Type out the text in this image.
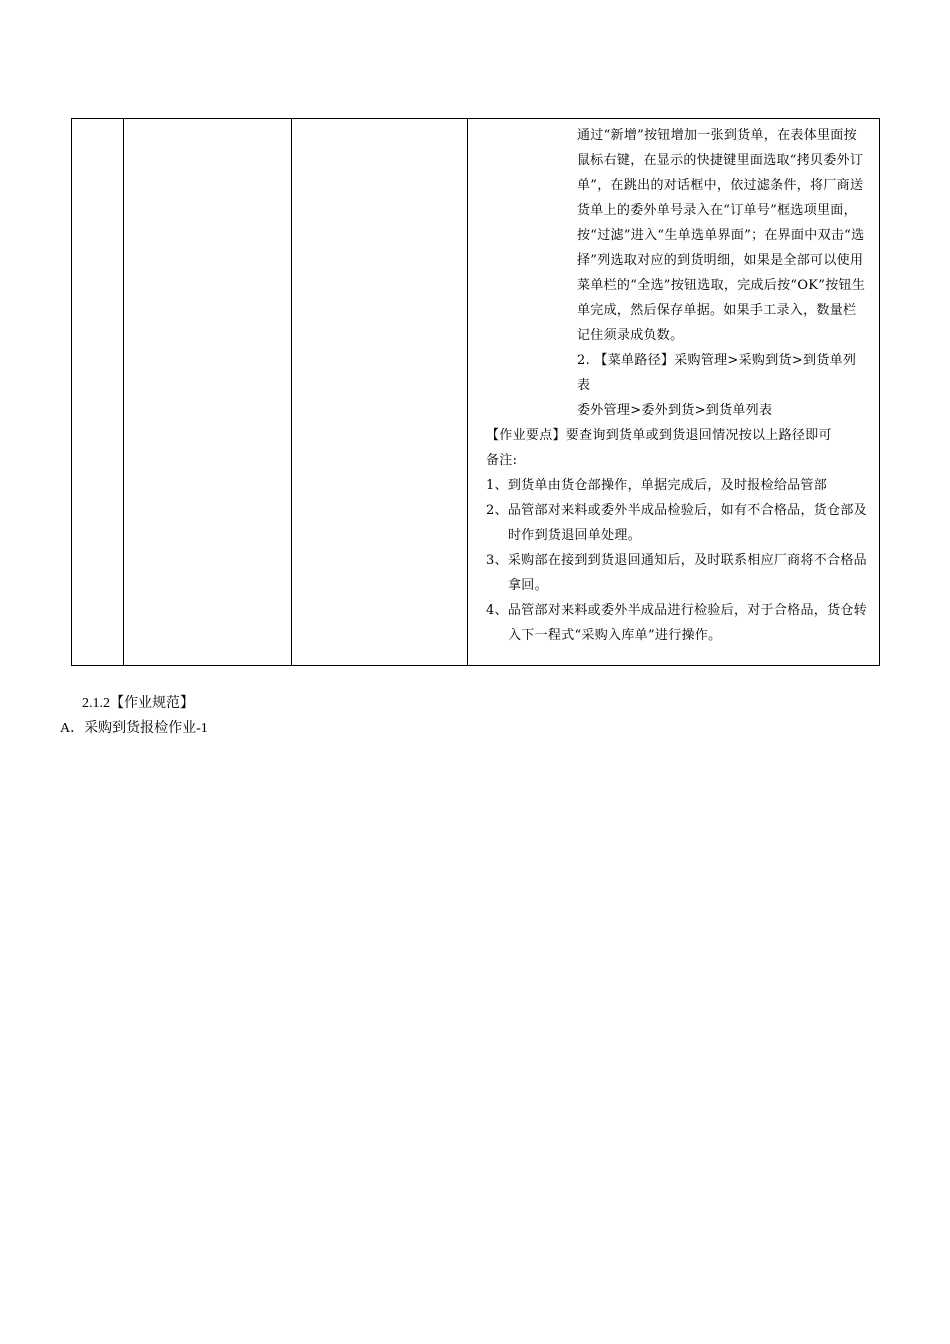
通过“新增”按钮增加一张到货单，在表体里面按鼠标右键，在显示的快捷键里面选取“拷贝委外订单”，在跳出的对话框中，依过滤条件，将厂商送货单上的委外单号录入在“订单号”框选项里面，按“过滤”进入“生单选单界面”；在界面中双击“选择”列选取对应的到货明细，如果是全部可以使用菜单栏的“全选”按钮选取，完成后按“OK”按钮生单完成，然后保存单据。如果手工录入，数量栏记住须录成负数。

2. 【菜单路径】采购管理>采购到货>到货单列表

委外管理>委外到货>到货单列表

【作业要点】要查询到货单或到货退回情况按以上路径即可

备注:

1、到货单由货仓部操作，单据完成后，及时报检给品管部

2、品管部对来料或委外半成品检验后，如有不合格品，货仓部及时作到货退回单处理。

3、采购部在接到到货退回通知后，及时联系相应厂商将不合格品拿回。

4、品管部对来料或委外半成品进行检验后，对于合格品，货仓转入下一程式“采购入库单”进行操作。

2.1.2【作业规范】
A．采购到货报检作业-1
